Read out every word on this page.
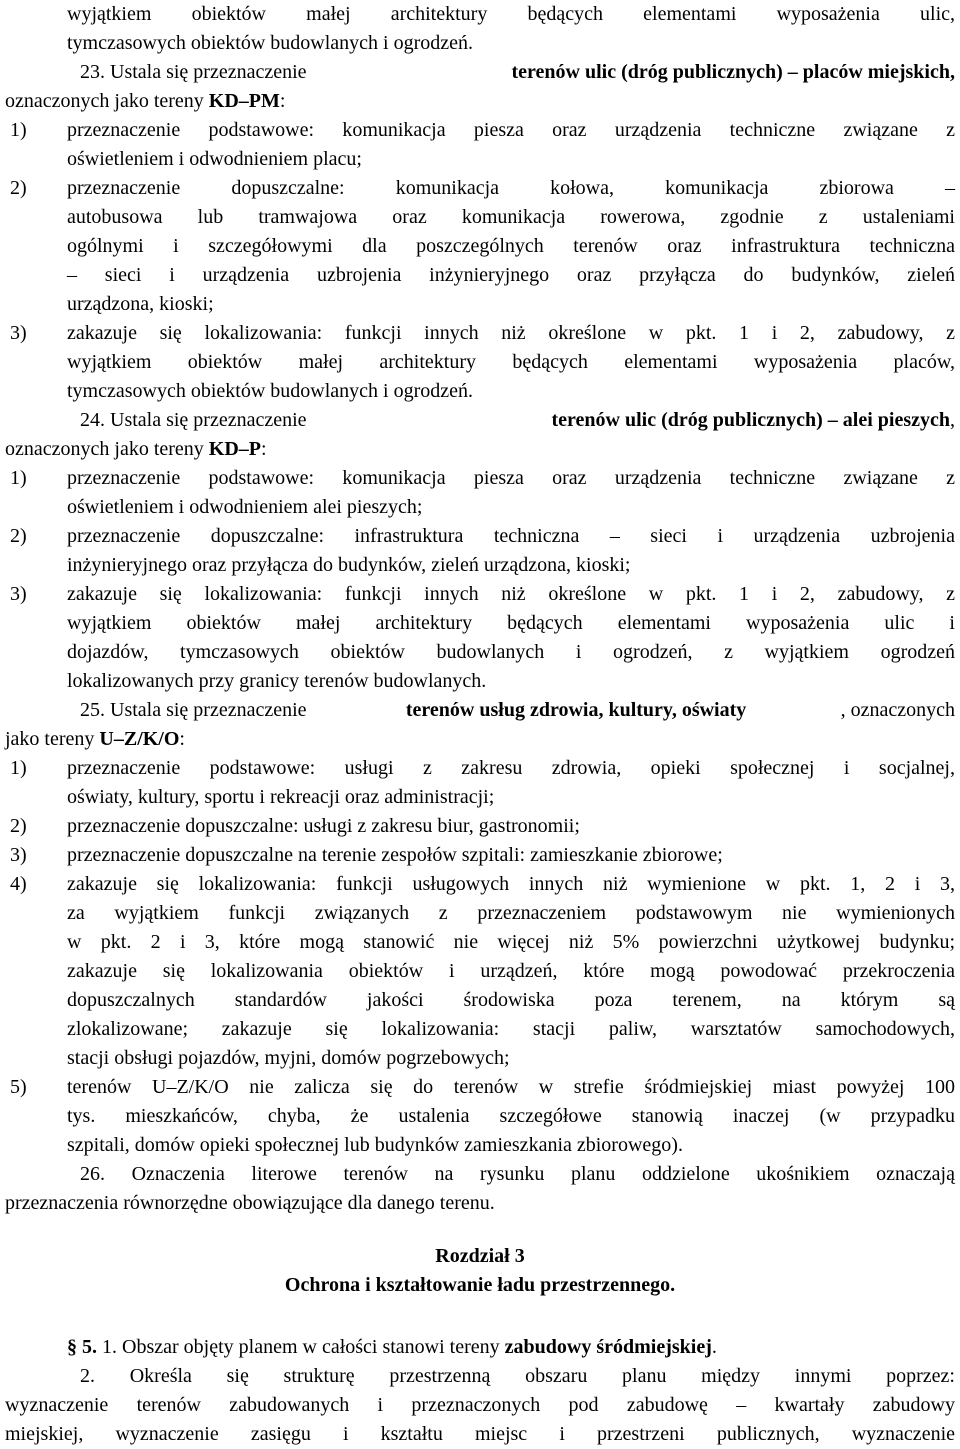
wyjątkiem obiektów małej architektury będących elementami wyposażenia ulic,
tymczasowych obiektów budowlanych i ogrodzeń.
23. Ustala się przeznaczenie	terenów ulic (dróg publicznych) – placów miejskich,
oznaczonych jako tereny KD–PM:
1)	przeznaczenie podstawowe: komunikacja piesza oraz urządzenia techniczne związane z
oświetleniem i odwodnieniem placu;
2)	przeznaczenie dopuszczalne: komunikacja kołowa, komunikacja zbiorowa –
autobusowa lub tramwajowa oraz komunikacja rowerowa, zgodnie z ustaleniami
ogólnymi i szczegółowymi dla poszczególnych terenów oraz infrastruktura techniczna
– sieci i urządzenia uzbrojenia inżynieryjnego oraz przyłącza do budynków, zieleń
urządzona, kioski;
3)	zakazuje się lokalizowania: funkcji innych niż określone w pkt. 1 i 2, zabudowy, z
wyjątkiem obiektów małej architektury będących elementami wyposażenia placów,
tymczasowych obiektów budowlanych i ogrodzeń.
24. Ustala się przeznaczenie	terenów ulic (dróg publicznych) – alei pieszych,
oznaczonych jako tereny KD–P:
1)	przeznaczenie podstawowe: komunikacja piesza oraz urządzenia techniczne związane z
oświetleniem i odwodnieniem alei pieszych;
2)	przeznaczenie dopuszczalne: infrastruktura techniczna – sieci i urządzenia uzbrojenia
inżynieryjnego oraz przyłącza do budynków, zieleń urządzona, kioski;
3)	zakazuje się lokalizowania: funkcji innych niż określone w pkt. 1 i 2, zabudowy, z
wyjątkiem obiektów małej architektury będących elementami wyposażenia ulic i
dojazdów, tymczasowych obiektów budowlanych i ogrodzeń, z wyjątkiem ogrodzeń
lokalizowanych przy granicy terenów budowlanych.
25. Ustala się przeznaczenie	terenów usług zdrowia, kultury, oświaty	, oznaczonych
jako tereny U–Z/K/O:
1)	przeznaczenie podstawowe: usługi z zakresu zdrowia, opieki społecznej i socjalnej,
oświaty, kultury, sportu i rekreacji oraz administracji;
2)	przeznaczenie dopuszczalne: usługi z zakresu biur, gastronomii;
3)	przeznaczenie dopuszczalne na terenie zespołów szpitali: zamieszkanie zbiorowe;
4)	zakazuje się lokalizowania: funkcji usługowych innych niż wymienione w pkt. 1, 2 i 3,
za wyjątkiem funkcji związanych z przeznaczeniem podstawowym nie wymienionych
w pkt. 2 i 3, które mogą stanowić nie więcej niż 5% powierzchni użytkowej budynku;
zakazuje się lokalizowania obiektów i urządzeń, które mogą powodować przekroczenia
dopuszczalnych standardów jakości środowiska poza terenem, na którym są
zlokalizowane; zakazuje się lokalizowania: stacji paliw, warsztatów samochodowych,
stacji obsługi pojazdów, myjni, domów pogrzebowych;
5)	terenów U–Z/K/O nie zalicza się do terenów w strefie śródmiejskiej miast powyżej 100
tys. mieszkańców, chyba, że ustalenia szczegółowe stanowią inaczej (w przypadku
szpitali, domów opieki społecznej lub budynków zamieszkania zbiorowego).
26. Oznaczenia literowe terenów na rysunku planu oddzielone ukośnikiem oznaczają
przeznaczenia równorzędne obowiązujące dla danego terenu.
Rozdział 3
Ochrona i kształtowanie ładu przestrzennego.
§ 5. 1. Obszar objęty planem w całości stanowi tereny zabudowy śródmiejskiej.
2. Określa się strukturę przestrzenną obszaru planu między innymi poprzez:
wyznaczenie terenów zabudowanych i przeznaczonych pod zabudowę – kwartały zabudowy
miejskiej, wyznaczenie zasięgu i kształtu miejsc i przestrzeni publicznych, wyznaczenie
